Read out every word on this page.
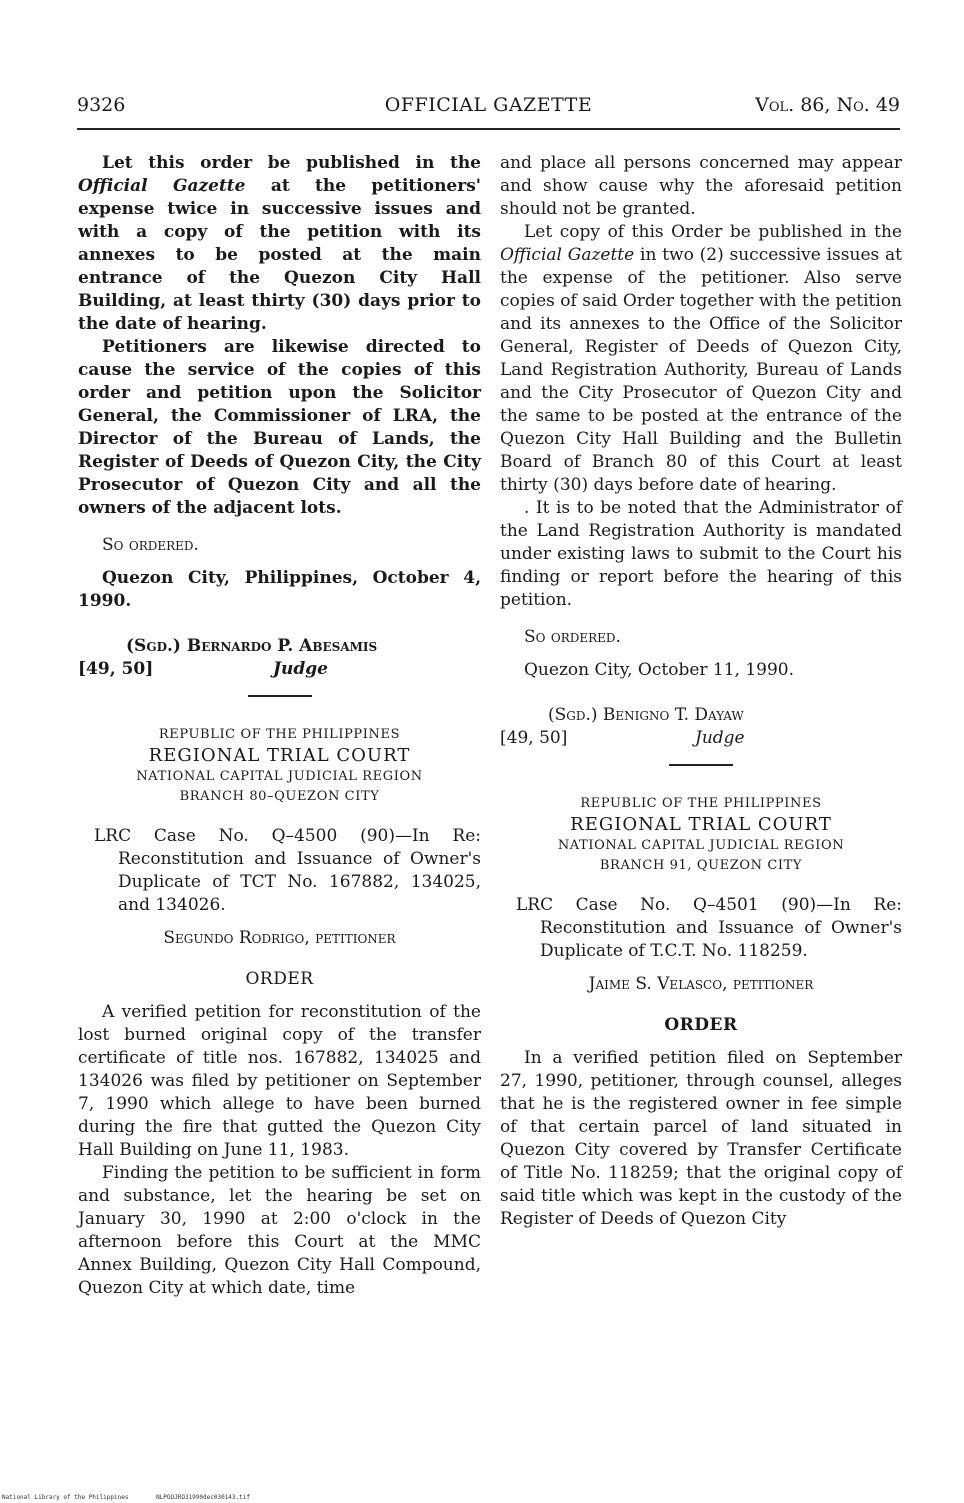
9326	OFFICIAL GAZETTE	Vol. 86, No. 49

Let this order be published in the Official Gazette at the petitioners' expense twice in successive issues and with a copy of the petition with its annexes to be posted at the main entrance of the Quezon City Hall Building, at least thirty (30) days prior to the date of hearing.

Petitioners are likewise directed to cause the service of the copies of this order and petition upon the Solicitor General, the Commissioner of LRA, the Director of the Bureau of Lands, the Register of Deeds of Quezon City, the City Prosecutor of Quezon City and all the owners of the adjacent lots.

So ordered.

Quezon City, Philippines, October 4, 1990.

(Sgd.) Bernardo P. Abesamis
[49, 50]	Judge
REPUBLIC OF THE PHILIPPINES
REGIONAL TRIAL COURT
NATIONAL CAPITAL JUDICIAL REGION
BRANCH 80–QUEZON CITY

LRC Case No. Q–4500 (90)—In Re: Reconstitution and Issuance of Owner's Duplicate of TCT No. 167882, 134025, and 134026.

Segundo Rodrigo, petitioner

ORDER

A verified petition for reconstitution of the lost burned original copy of the transfer certificate of title nos. 167882, 134025 and 134026 was filed by petitioner on September 7, 1990 which allege to have been burned during the fire that gutted the Quezon City Hall Building on June 11, 1983.

Finding the petition to be sufficient in form and substance, let the hearing be set on January 30, 1990 at 2:00 o'clock in the afternoon before this Court at the MMC Annex Building, Quezon City Hall Compound, Quezon City at which date, time

and place all persons concerned may appear and show cause why the aforesaid petition should not be granted.

Let copy of this Order be published in the Official Gazette in two (2) successive issues at the expense of the petitioner. Also serve copies of said Order together with the petition and its annexes to the Office of the Solicitor General, Register of Deeds of Quezon City, Land Registration Authority, Bureau of Lands and the City Prosecutor of Quezon City and the same to be posted at the entrance of the Quezon City Hall Building and the Bulletin Board of Branch 80 of this Court at least thirty (30) days before date of hearing.

. It is to be noted that the Administrator of the Land Registration Authority is mandated under existing laws to submit to the Court his finding or report before the hearing of this petition.

So ordered.

Quezon City, October 11, 1990.

(Sgd.) Benigno T. Dayaw
[49, 50]	Judge
REPUBLIC OF THE PHILIPPINES
REGIONAL TRIAL COURT
NATIONAL CAPITAL JUDICIAL REGION
BRANCH 91, QUEZON CITY

LRC Case No. Q–4501 (90)—In Re: Reconstitution and Issuance of Owner's Duplicate of T.C.T. No. 118259.

Jaime S. Velasco, petitioner

ORDER

In a verified petition filed on September 27, 1990, petitioner, through counsel, alleges that he is the registered owner in fee simple of that certain parcel of land situated in Quezon City covered by Transfer Certificate of Title No. 118259; that the original copy of said title which was kept in the custody of the Register of Deeds of Quezon City

National Library of the Philippines	NLPOOJRO31990dec030143.tif
